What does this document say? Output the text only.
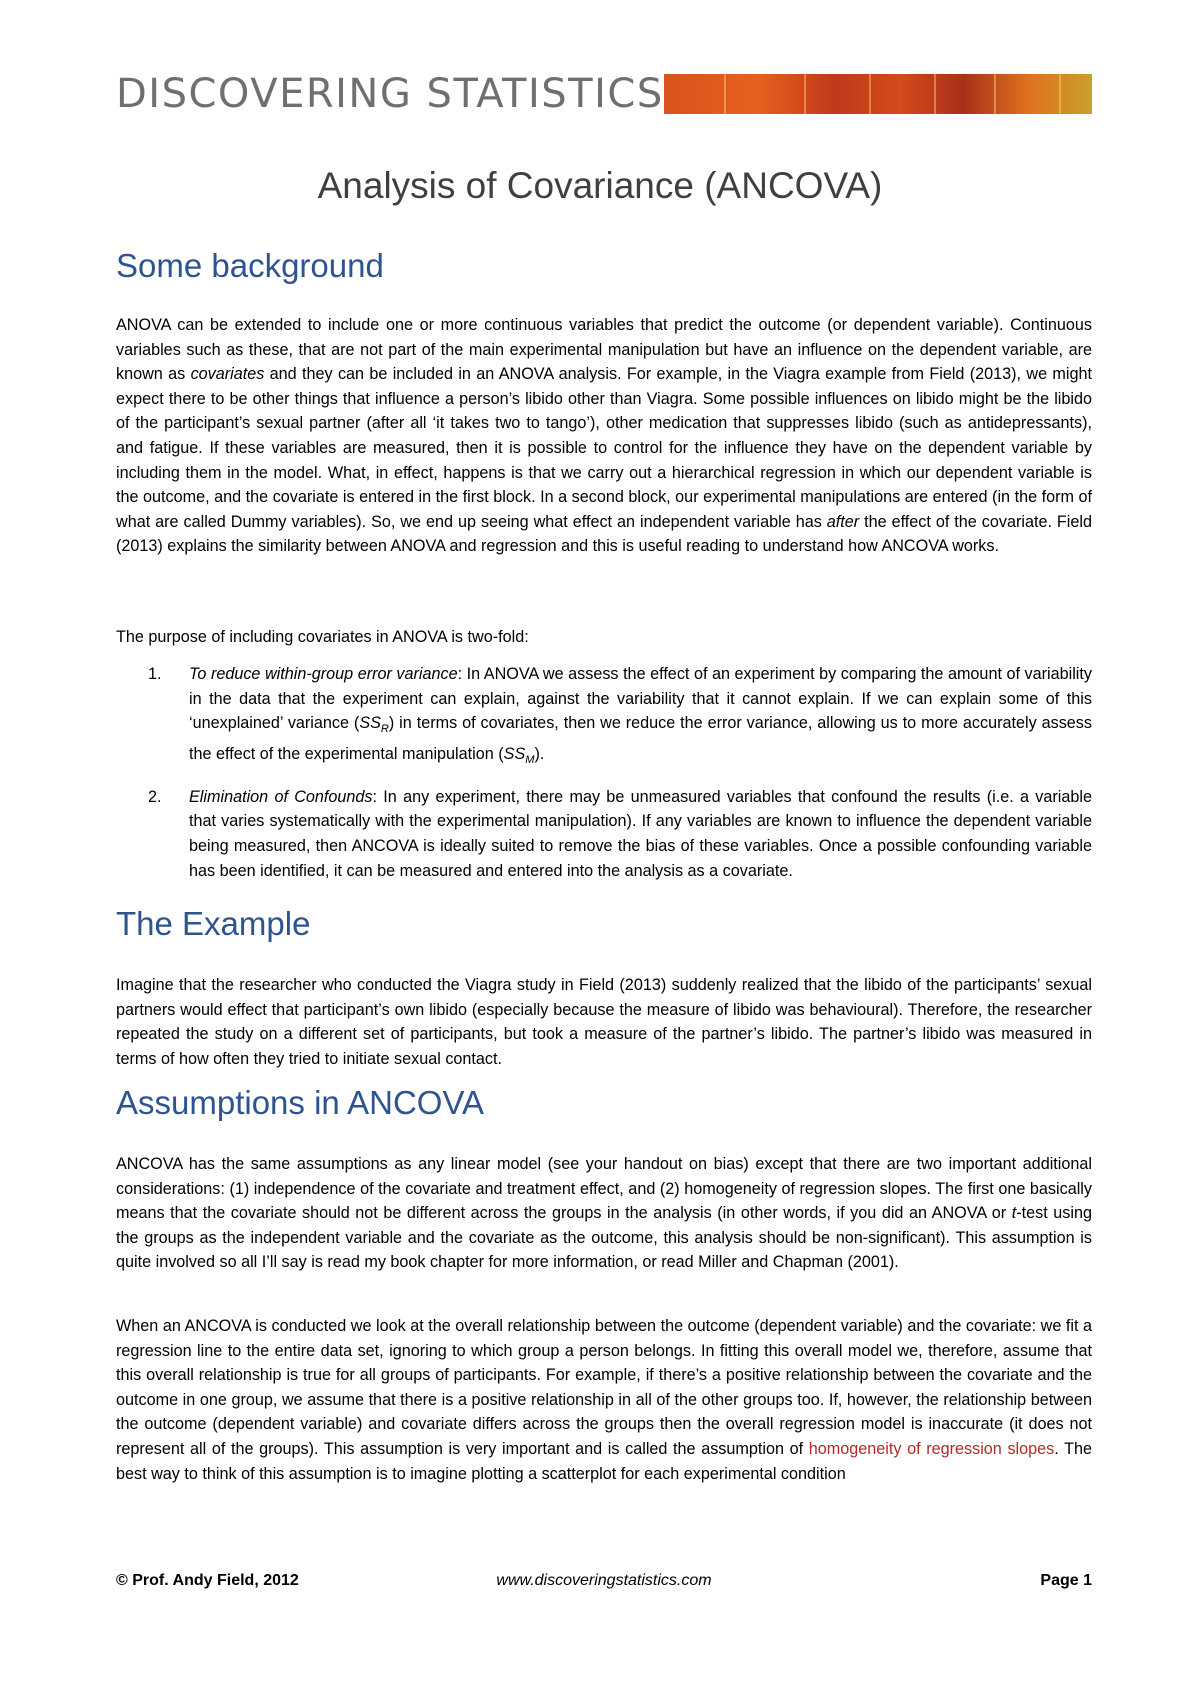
DISCOVERING STATISTICS
Analysis of Covariance (ANCOVA)
Some background

ANOVA can be extended to include one or more continuous variables that predict the outcome (or dependent variable). Continuous variables such as these, that are not part of the main experimental manipulation but have an influence on the dependent variable, are known as covariates and they can be included in an ANOVA analysis. For example, in the Viagra example from Field (2013), we might expect there to be other things that influence a person’s libido other than Viagra. Some possible influences on libido might be the libido of the participant’s sexual partner (after all ‘it takes two to tango’), other medication that suppresses libido (such as antidepressants), and fatigue. If these variables are measured, then it is possible to control for the influence they have on the dependent variable by including them in the model. What, in effect, happens is that we carry out a hierarchical regression in which our dependent variable is the outcome, and the covariate is entered in the first block. In a second block, our experimental manipulations are entered (in the form of what are called Dummy variables). So, we end up seeing what effect an independent variable has after the effect of the covariate. Field (2013) explains the similarity between ANOVA and regression and this is useful reading to understand how ANCOVA works.

The purpose of including covariates in ANOVA is two-fold:

1. To reduce within-group error variance: In ANOVA we assess the effect of an experiment by comparing the amount of variability in the data that the experiment can explain, against the variability that it cannot explain. If we can explain some of this ‘unexplained’ variance $(SS_R)$ in terms of covariates, then we reduce the error variance, allowing us to more accurately assess the effect of the experimental manipulation $(SS_M)$.
2. Elimination of Confounds: In any experiment, there may be unmeasured variables that confound the results (i.e. a variable that varies systematically with the experimental manipulation). If any variables are known to influence the dependent variable being measured, then ANCOVA is ideally suited to remove the bias of these variables. Once a possible confounding variable has been identified, it can be measured and entered into the analysis as a covariate.
The Example

Imagine that the researcher who conducted the Viagra study in Field (2013) suddenly realized that the libido of the participants’ sexual partners would effect that participant’s own libido (especially because the measure of libido was behavioural). Therefore, the researcher repeated the study on a different set of participants, but took a measure of the partner’s libido. The partner’s libido was measured in terms of how often they tried to initiate sexual contact.

Assumptions in ANCOVA

ANCOVA has the same assumptions as any linear model (see your handout on bias) except that there are two important additional considerations: (1) independence of the covariate and treatment effect, and (2) homogeneity of regression slopes. The first one basically means that the covariate should not be different across the groups in the analysis (in other words, if you did an ANOVA or t-test using the groups as the independent variable and the covariate as the outcome, this analysis should be non-significant). This assumption is quite involved so all I’ll say is read my book chapter for more information, or read Miller and Chapman (2001).

When an ANCOVA is conducted we look at the overall relationship between the outcome (dependent variable) and the covariate: we fit a regression line to the entire data set, ignoring to which group a person belongs. In fitting this overall model we, therefore, assume that this overall relationship is true for all groups of participants. For example, if there’s a positive relationship between the covariate and the outcome in one group, we assume that there is a positive relationship in all of the other groups too. If, however, the relationship between the outcome (dependent variable) and covariate differs across the groups then the overall regression model is inaccurate (it does not represent all of the groups). This assumption is very important and is called the assumption of homogeneity of regression slopes. The best way to think of this assumption is to imagine plotting a scatterplot for each experimental condition

www.discoveringstatistics.com
© Prof. Andy Field, 2012	Page 1
